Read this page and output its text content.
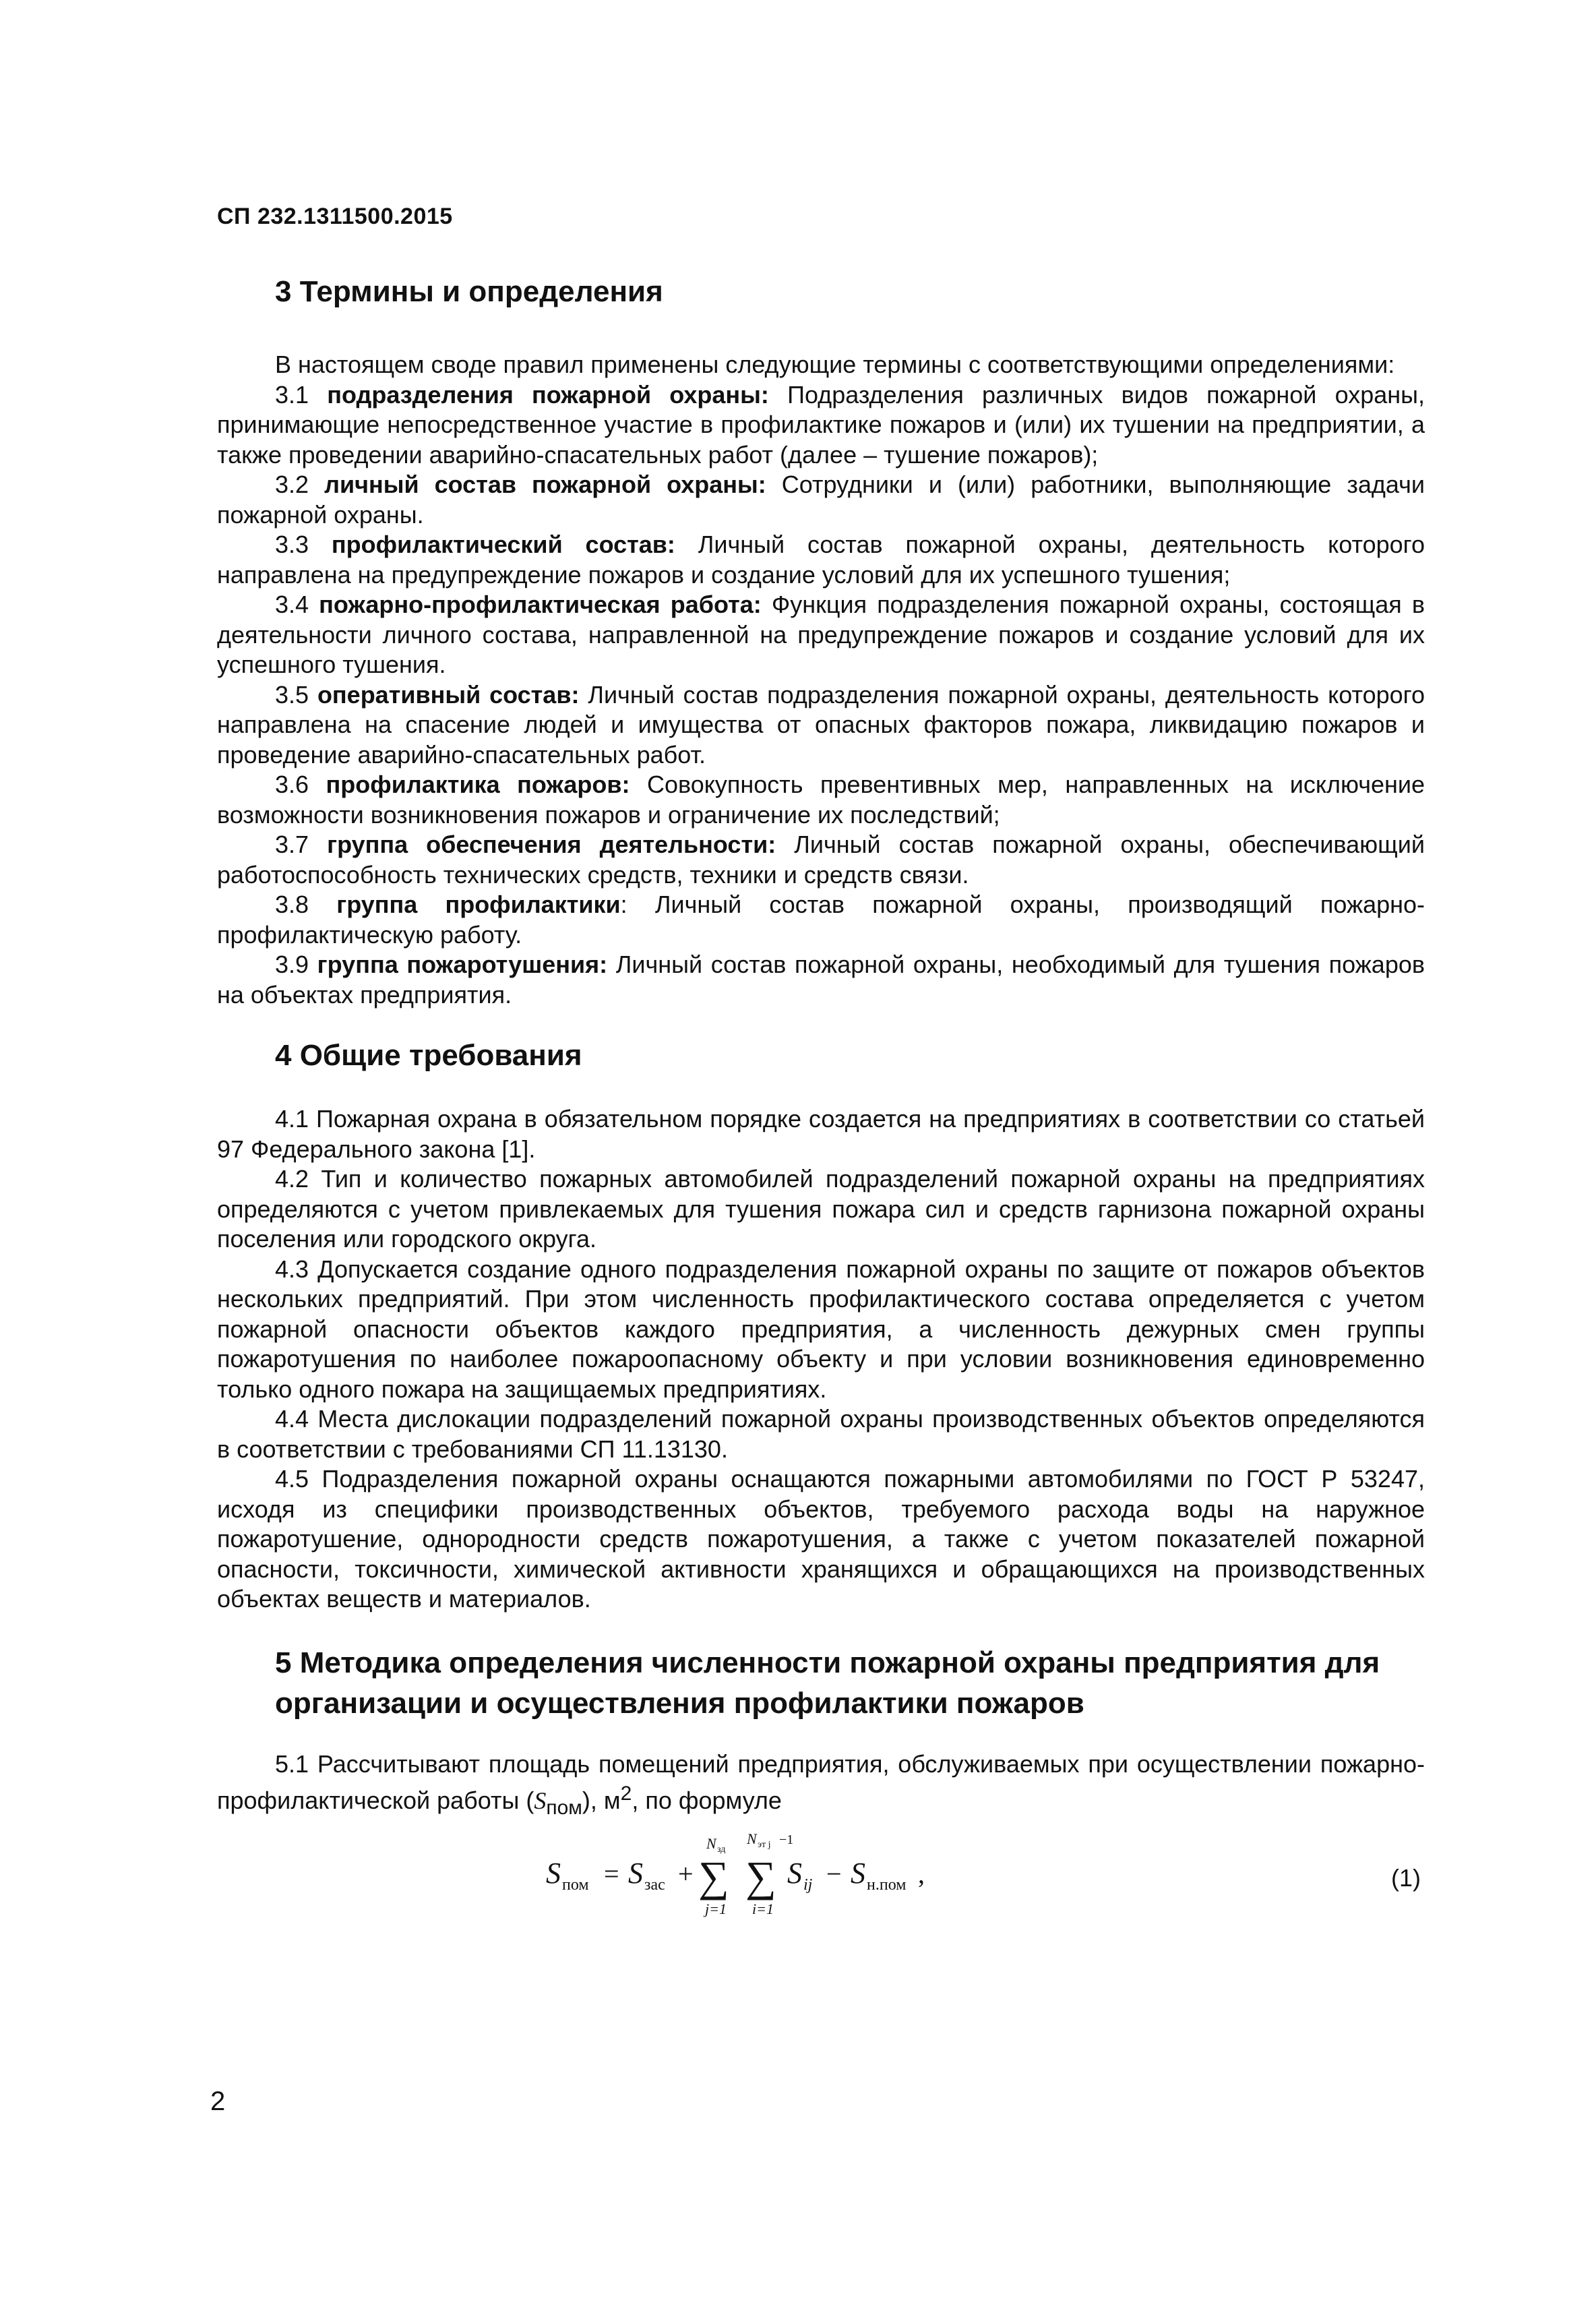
СП 232.1311500.2015
3 Термины и определения

В настоящем своде правил применены следующие термины с соответствующими определениями:

3.1 подразделения пожарной охраны: Подразделения различных видов пожарной охраны, принимающие непосредственное участие в профилактике пожаров и (или) их тушении на предприятии, а также проведении аварийно-спасательных работ (далее – тушение пожаров);

3.2 личный состав пожарной охраны: Сотрудники и (или) работники, выполняющие задачи пожарной охраны.

3.3 профилактический состав: Личный состав пожарной охраны, деятельность которого направлена на предупреждение пожаров и создание условий для их успешного тушения;

3.4 пожарно-профилактическая работа: Функция подразделения пожарной охраны, состоящая в деятельности личного состава, направленной на предупреждение пожаров и создание условий для их успешного тушения.

3.5 оперативный состав: Личный состав подразделения пожарной охраны, деятельность которого направлена на спасение людей и имущества от опасных факторов пожара, ликвидацию пожаров и проведение аварийно-спасательных работ.

3.6 профилактика пожаров: Совокупность превентивных мер, направленных на исключение возможности возникновения пожаров и ограничение их последствий;

3.7 группа обеспечения деятельности: Личный состав пожарной охраны, обеспечивающий работоспособность технических средств, техники и средств связи.

3.8 группа профилактики: Личный состав пожарной охраны, производящий пожарно-профилактическую работу.

3.9 группа пожаротушения: Личный состав пожарной охраны, необходимый для тушения пожаров на объектах предприятия.

4 Общие требования

4.1 Пожарная охрана в обязательном порядке создается на предприятиях в соответствии со статьей 97 Федерального закона [1].

4.2 Тип и количество пожарных автомобилей подразделений пожарной охраны на предприятиях определяются с учетом привлекаемых для тушения пожара сил и средств гарнизона пожарной охраны поселения или городского округа.

4.3 Допускается создание одного подразделения пожарной охраны по защите от пожаров объектов нескольких предприятий. При этом численность профилактического состава определяется с учетом пожарной опасности объектов каждого предприятия, а численность дежурных смен группы пожаротушения по наиболее пожароопасному объекту и при условии возникновения единовременно только одного пожара на защищаемых предприятиях.

4.4 Места дислокации подразделений пожарной охраны производственных объектов определяются в соответствии с требованиями СП 11.13130.

4.5 Подразделения пожарной охраны оснащаются пожарными автомобилями по ГОСТ Р 53247, исходя из специфики производственных объектов, требуемого расхода воды на наружное пожаротушение, однородности средств пожаротушения, а также с учетом показателей пожарной опасности, токсичности, химической активности хранящихся и обращающихся на производственных объектах веществ и материалов.

5 Методика определения численности пожарной охраны предприятия для организации и осуществления профилактики пожаров

5.1 Рассчитывают площадь помещений предприятия, обслуживаемых при осуществлении пожарно-профилактической работы $(S_{пом})$, $м^2$, по формуле

S пом = S зас +
N зд
∑
j=1
N эт j −1
∑
i=1
S ij − S н.пом ,	(1)
2
